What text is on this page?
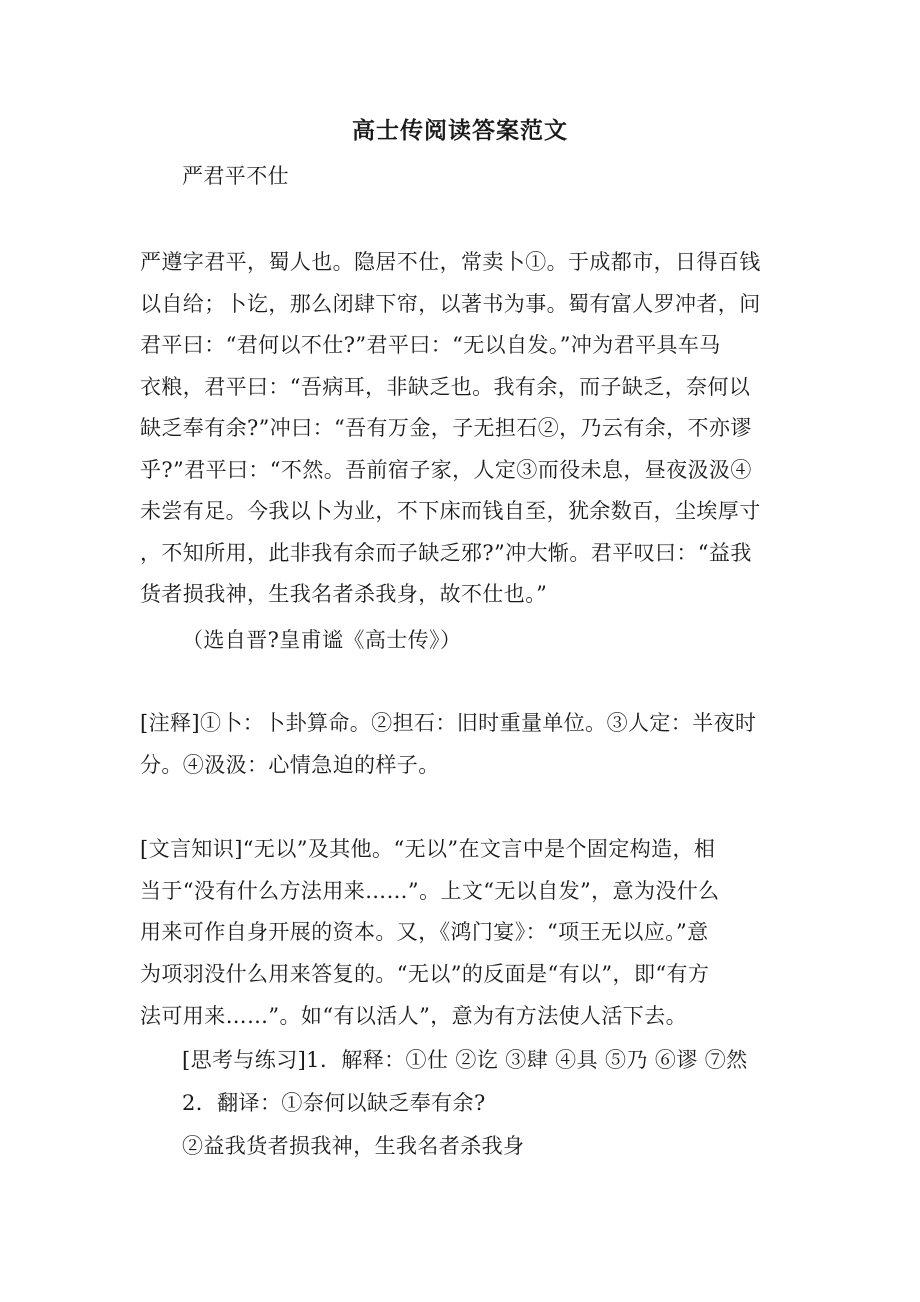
高士传阅读答案范文
严君平不仕
严遵字君平，蜀人也。隐居不仕，常卖卜①。于成都市，日得百钱
以自给；卜讫，那么闭肆下帘，以著书为事。蜀有富人罗冲者，问
君平曰：“君何以不仕?”君平曰：“无以自发。”冲为君平具车马
衣粮，君平曰：“吾病耳，非缺乏也。我有余，而子缺乏，奈何以
缺乏奉有余?”冲曰：“吾有万金，子无担石②，乃云有余，不亦谬
乎?”君平曰：“不然。吾前宿子家，人定③而役未息，昼夜汲汲④
未尝有足。今我以卜为业，不下床而钱自至，犹余数百，尘埃厚寸
，不知所用，此非我有余而子缺乏邪?”冲大惭。君平叹曰：“益我
货者损我神，生我名者杀我身，故不仕也。”
（选自晋?皇甫谧《高士传》）
[注释]①卜：卜卦算命。②担石：旧时重量单位。③人定：半夜时
分。④汲汲：心情急迫的样子。
[文言知识]“无以”及其他。“无以”在文言中是个固定构造，相
当于“没有什么方法用来……”。上文“无以自发”，意为没什么
用来可作自身开展的资本。又，《鸿门宴》：“项王无以应。”意
为项羽没什么用来答复的。“无以”的反面是“有以”，即“有方
法可用来……”。如“有以活人”，意为有方法使人活下去。
[思考与练习]1．解释：①仕 ②讫 ③肆 ④具 ⑤乃 ⑥谬 ⑦然
2．翻译：①奈何以缺乏奉有余?
②益我货者损我神，生我名者杀我身
